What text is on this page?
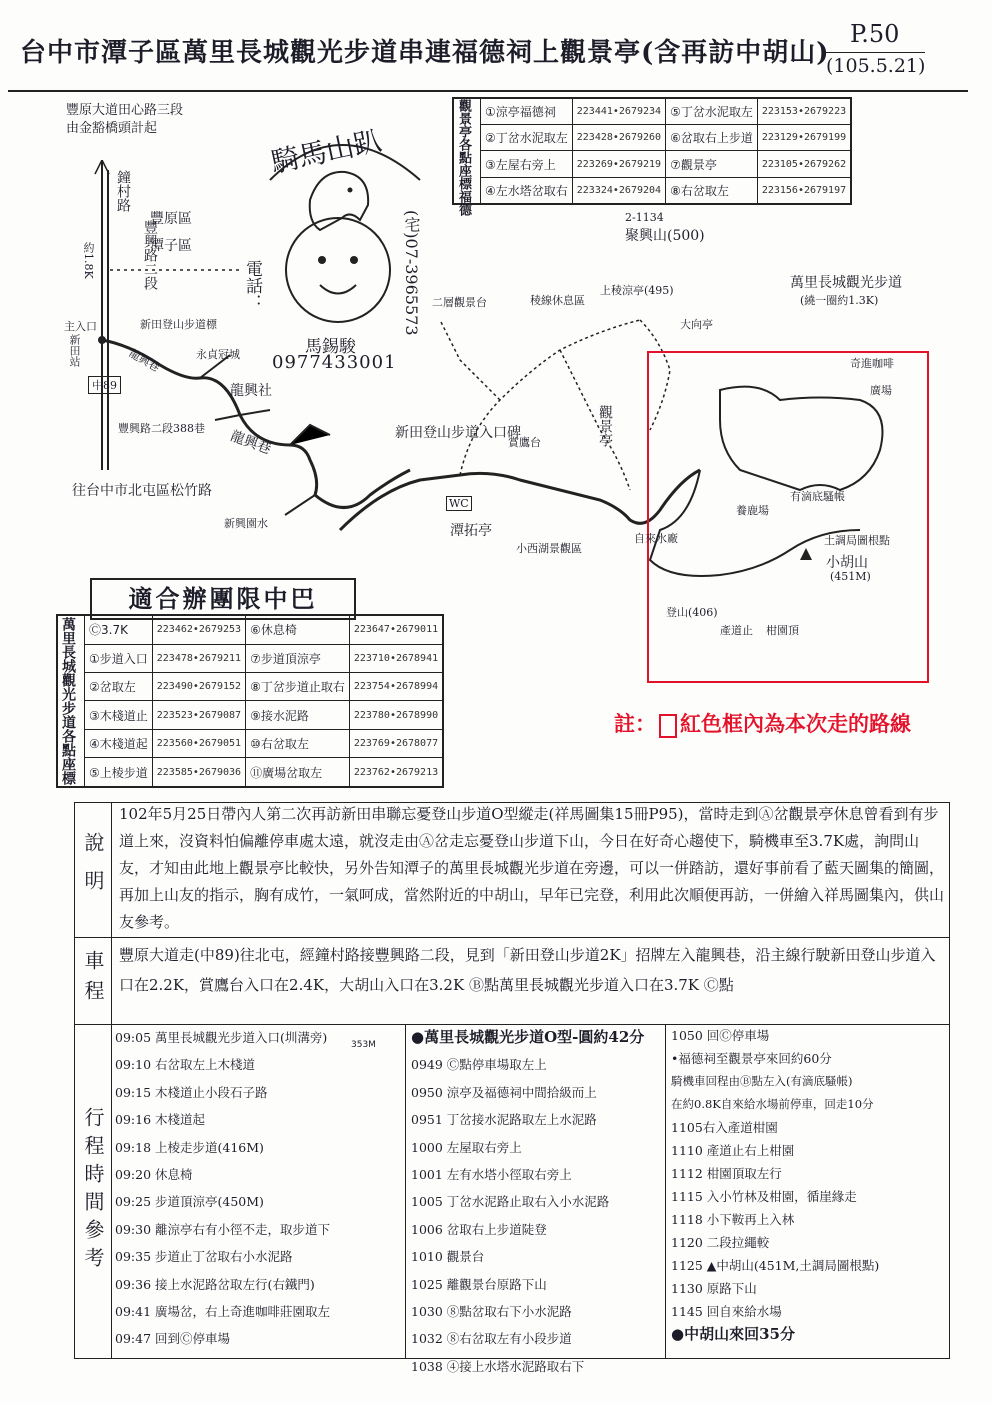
台中市潭子區萬里長城觀光步道串連福德祠上觀景亭(含再訪中胡山)
P.50
(105.5.21)
觀景亭各點座標福德	①涼亭福德祠	223441•2679234	⑤丁岔水泥取左	223153•2679223
	②丁岔水泥取左	223428•2679260	⑥岔取右上步道	223129•2679199
	③左屋右旁上	223269•2679219	⑦觀景亭	223105•2679262
	④左水塔岔取右	223324•2679204	⑧右岔取左	223156•2679197
騎馬山趴
電話：	(宅)07-3965573
馬錫駿
0977433001
豐原大道田心路三段
由金豁橋頭計起
鐘村路
豐興路二段
豐原區
潭子區
約1.8K
主入口
新田站
中89
龍興巷	永貞冠城
龍興社
豐興路二段388巷 龍興巷
往台中市北屯區松竹路
新興園水
新田登山步道標
新田登山步道入口碑
潭拓亭
聚興山(500)
2-1134
二層觀景台	稜線休息區
上稜涼亭(495)
大向亭
萬里長城觀光步道
(繞一圈約1.3K)
小西湖景觀區
自來水廠
養鹿場
登山(406)
產道止 柑園頂
小胡山
(451M)
有滴底騷帳
廣場
奇進咖啡
觀景亭
土調局圖根點
賞鷹台
WC
適合辦團限中巴
萬里長城觀光步道各點座標	Ⓒ3.7K	223462•2679253	⑥休息椅	223647•2679011
	①步道入口	223478•2679211	⑦步道頂涼亭	223710•2678941
	②岔取左	223490•2679152	⑧丁岔步道止取右	223754•2678994
	③木棧道止	223523•2679087	⑨接水泥路	223780•2678990
	④木棧道起	223560•2679051	⑩右岔取左	223769•2678077
	⑤上棱步道	223585•2679036	⑪廣場岔取左	223762•2679213
註： 紅色框內為本次走的路線
說明
102年5月25日帶內人第二次再訪新田串聯忘憂登山步道O型縱走(祥馬圖集15冊P95)，當時走到Ⓐ岔觀景亭休息曾看到有步道上來，沒資料怕偏離停車處太遠，就沒走由Ⓐ岔走忘憂登山步道下山，今日在好奇心趨使下，騎機車至3.7K處，詢問山友，才知由此地上觀景亭比較快，另外告知潭子的萬里長城觀光步道在旁邊，可以一併踏訪，還好事前看了藍天圖集的簡圖，再加上山友的指示，胸有成竹，一氣呵成，當然附近的中胡山，早年已完登，利用此次順便再訪，一併繪入祥馬圖集內，供山友參考。
車程 豐原大道走(中89)往北屯，經鐘村路接豐興路二段，見到「新田登山步道2K」招牌左入龍興巷，沿主線行駛新田登山步道入口在2.2K，賞鷹台入口在2.4K，大胡山入口在3.2K Ⓑ點萬里長城觀光步道入口在3.7K Ⓒ點
行程時間參考
09:05 萬里長城觀光步道入口(圳溝旁)
09:10 右岔取左上木棧道
09:15 木棧道止小段石子路
09:16 木棧道起
09:18 上棱走步道(416M)
09:20 休息椅
09:25 步道頂涼亭(450M)
09:30 離涼亭右有小徑不走，取步道下
09:35 步道止丁岔取右小水泥路
09:36 接上水泥路岔取左行(右鐵門)
09:41 廣場岔，右上奇進咖啡莊園取左
09:47 回到Ⓒ停車場
353M ●萬里長城觀光步道O型-圓約42分
0949 Ⓒ點停車場取左上
0950 涼亭及福德祠中間拾級而上
0951 丁岔接水泥路取左上水泥路
1000 左屋取右旁上
1001 左有水塔小徑取右旁上
1005 丁岔水泥路止取右入小水泥路
1006 岔取右上步道陡登
1010 觀景台
1025 離觀景台原路下山
1030 ⑧點岔取右下小水泥路
1032 ⑧右岔取左有小段步道
1038 ④接上水塔水泥路取右下
1050 回Ⓒ停車場
•福德祠至觀景亭來回約60分
騎機車回程由Ⓑ點左入(有滴底騷帳)
在約0.8K自來給水場前停車，回走10分
1105右入產道柑園
1110 產道止右上柑園
1112 柑園頂取左行
1115 入小竹林及柑園，循崖緣走
1118 小下鞍再上入林
1120 二段拉繩較
1125 ▲中胡山(451M,土調局圖根點)
1130 原路下山
1145 回自來給水場
●中胡山來回35分
